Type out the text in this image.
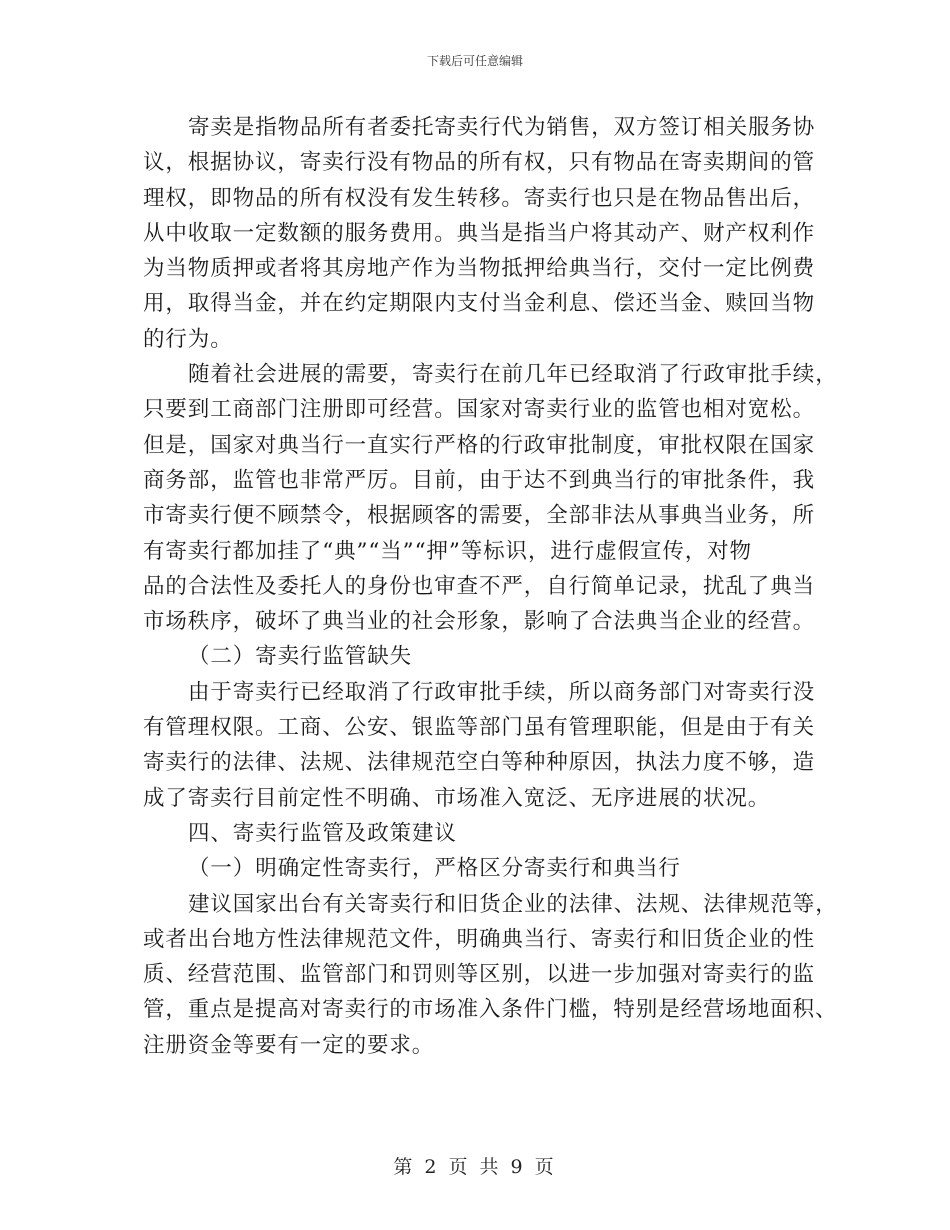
下载后可任意编辑

寄卖是指物品所有者委托寄卖行代为销售，双方签订相关服务协
议，根据协议，寄卖行没有物品的所有权，只有物品在寄卖期间的管
理权，即物品的所有权没有发生转移。寄卖行也只是在物品售出后，
从中收取一定数额的服务费用。典当是指当户将其动产、财产权利作
为当物质押或者将其房地产作为当物抵押给典当行，交付一定比例费
用，取得当金，并在约定期限内支付当金利息、偿还当金、赎回当物
的行为。

随着社会进展的需要，寄卖行在前几年已经取消了行政审批手续，
只要到工商部门注册即可经营。国家对寄卖行业的监管也相对宽松。
但是，国家对典当行一直实行严格的行政审批制度，审批权限在国家
商务部，监管也非常严厉。目前，由于达不到典当行的审批条件，我
市寄卖行便不顾禁令，根据顾客的需要，全部非法从事典当业务，所
有寄卖行都加挂了“典”“当”“押”等标识，进行虚假宣传，对物
品的合法性及委托人的身份也审查不严，自行简单记录，扰乱了典当
市场秩序，破坏了典当业的社会形象，影响了合法典当企业的经营。

（二）寄卖行监管缺失

由于寄卖行已经取消了行政审批手续，所以商务部门对寄卖行没
有管理权限。工商、公安、银监等部门虽有管理职能，但是由于有关
寄卖行的法律、法规、法律规范空白等种种原因，执法力度不够，造
成了寄卖行目前定性不明确、市场准入宽泛、无序进展的状况。

四、寄卖行监管及政策建议

（一）明确定性寄卖行，严格区分寄卖行和典当行

建议国家出台有关寄卖行和旧货企业的法律、法规、法律规范等，
或者出台地方性法律规范文件，明确典当行、寄卖行和旧货企业的性
质、经营范围、监管部门和罚则等区别，以进一步加强对寄卖行的监
管，重点是提高对寄卖行的市场准入条件门槛，特别是经营场地面积、
注册资金等要有一定的要求。

第 2 页 共 9 页
